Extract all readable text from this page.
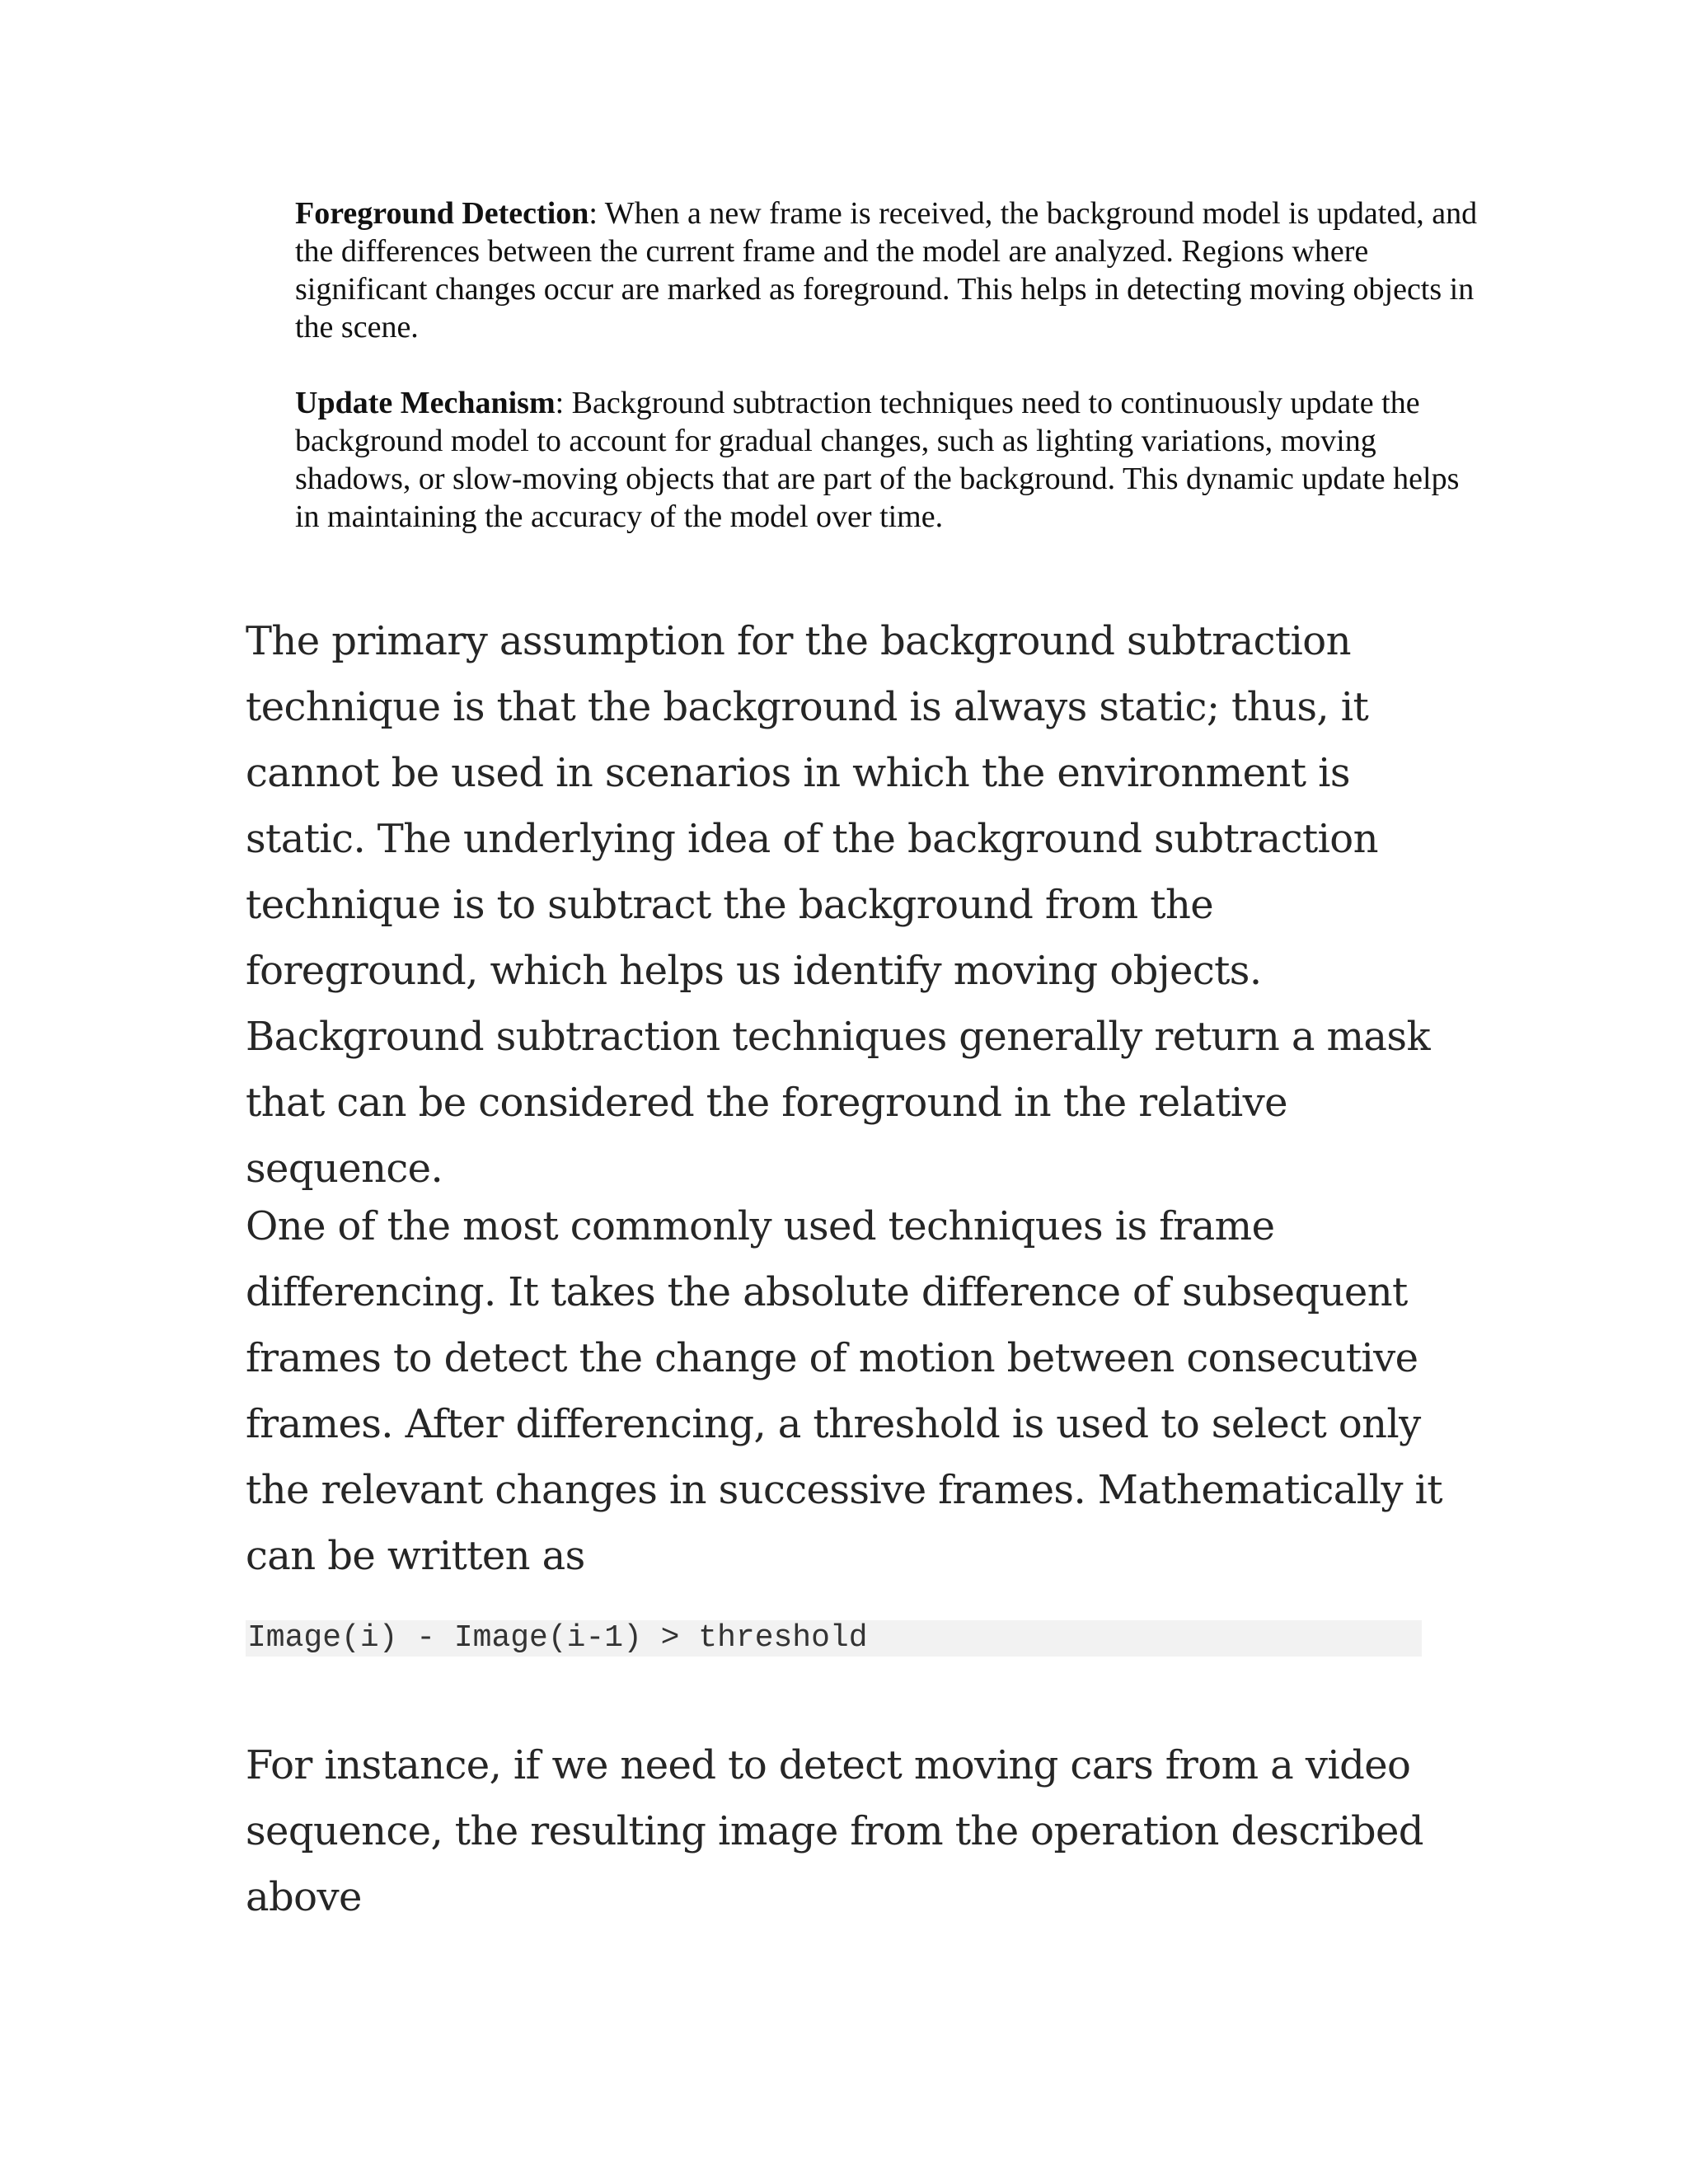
Foreground Detection: When a new frame is received, the background model is updated, and the differences between the current frame and the model are analyzed. Regions where significant changes occur are marked as foreground. This helps in detecting moving objects in the scene.

Update Mechanism: Background subtraction techniques need to continuously update the background model to account for gradual changes, such as lighting variations, moving shadows, or slow-moving objects that are part of the background. This dynamic update helps in maintaining the accuracy of the model over time.

The primary assumption for the background subtraction technique is that the background is always static; thus, it cannot be used in scenarios in which the environment is static. The underlying idea of the background subtraction technique is to subtract the background from the foreground, which helps us identify moving objects. Background subtraction techniques generally return a mask that can be considered the foreground in the relative sequence.

One of the most commonly used techniques is frame differencing. It takes the absolute difference of subsequent frames to detect the change of motion between consecutive frames. After differencing, a threshold is used to select only the relevant changes in successive frames. Mathematically it can be written as

Image(i) - Image(i-1) > threshold

For instance, if we need to detect moving cars from a video sequence, the resulting image from the operation described above
